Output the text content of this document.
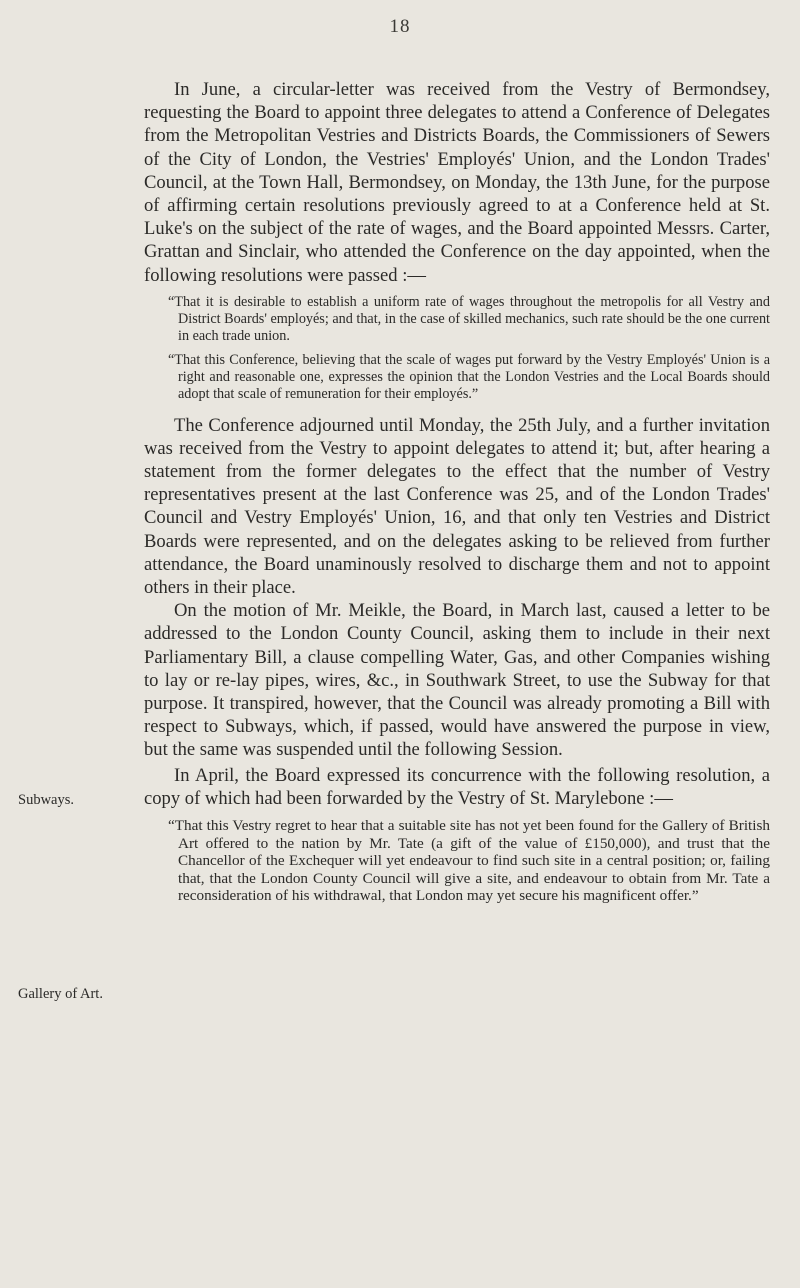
18
Subways.
Gallery of Art.

In June, a circular-letter was received from the Vestry of Bermondsey, requesting the Board to appoint three delegates to attend a Conference of Delegates from the Metropolitan Vestries and Districts Boards, the Commissioners of Sewers of the City of London, the Vestries' Employés' Union, and the London Trades' Council, at the Town Hall, Bermondsey, on Monday, the 13th June, for the purpose of affirming certain resolutions previously agreed to at a Conference held at St. Luke's on the subject of the rate of wages, and the Board appointed Messrs. Carter, Grattan and Sinclair, who attended the Conference on the day appointed, when the following resolutions were passed :—

“That it is desirable to establish a uniform rate of wages throughout the metropolis for all Vestry and District Boards' employés; and that, in the case of skilled mechanics, such rate should be the one current in each trade union.

“That this Conference, believing that the scale of wages put forward by the Vestry Employés' Union is a right and reasonable one, expresses the opinion that the London Vestries and the Local Boards should adopt that scale of remuneration for their employés.”

The Conference adjourned until Monday, the 25th July, and a further invitation was received from the Vestry to appoint delegates to attend it; but, after hearing a statement from the former delegates to the effect that the number of Vestry representatives present at the last Conference was 25, and of the London Trades' Council and Vestry Employés' Union, 16, and that only ten Vestries and District Boards were represented, and on the delegates asking to be relieved from further attendance, the Board unaminously resolved to discharge them and not to appoint others in their place.

On the motion of Mr. Meikle, the Board, in March last, caused a letter to be addressed to the London County Council, asking them to include in their next Parliamentary Bill, a clause compelling Water, Gas, and other Companies wishing to lay or re-lay pipes, wires, &c., in Southwark Street, to use the Subway for that purpose. It transpired, however, that the Council was already promoting a Bill with respect to Subways, which, if passed, would have answered the purpose in view, but the same was suspended until the following Session.

In April, the Board expressed its concurrence with the following resolution, a copy of which had been forwarded by the Vestry of St. Marylebone :—

“That this Vestry regret to hear that a suitable site has not yet been found for the Gallery of British Art offered to the nation by Mr. Tate (a gift of the value of £150,000), and trust that the Chancellor of the Exchequer will yet endeavour to find such site in a central position; or, failing that, that the London County Council will give a site, and endeavour to obtain from Mr. Tate a reconsideration of his withdrawal, that London may yet secure his magnificent offer.”
